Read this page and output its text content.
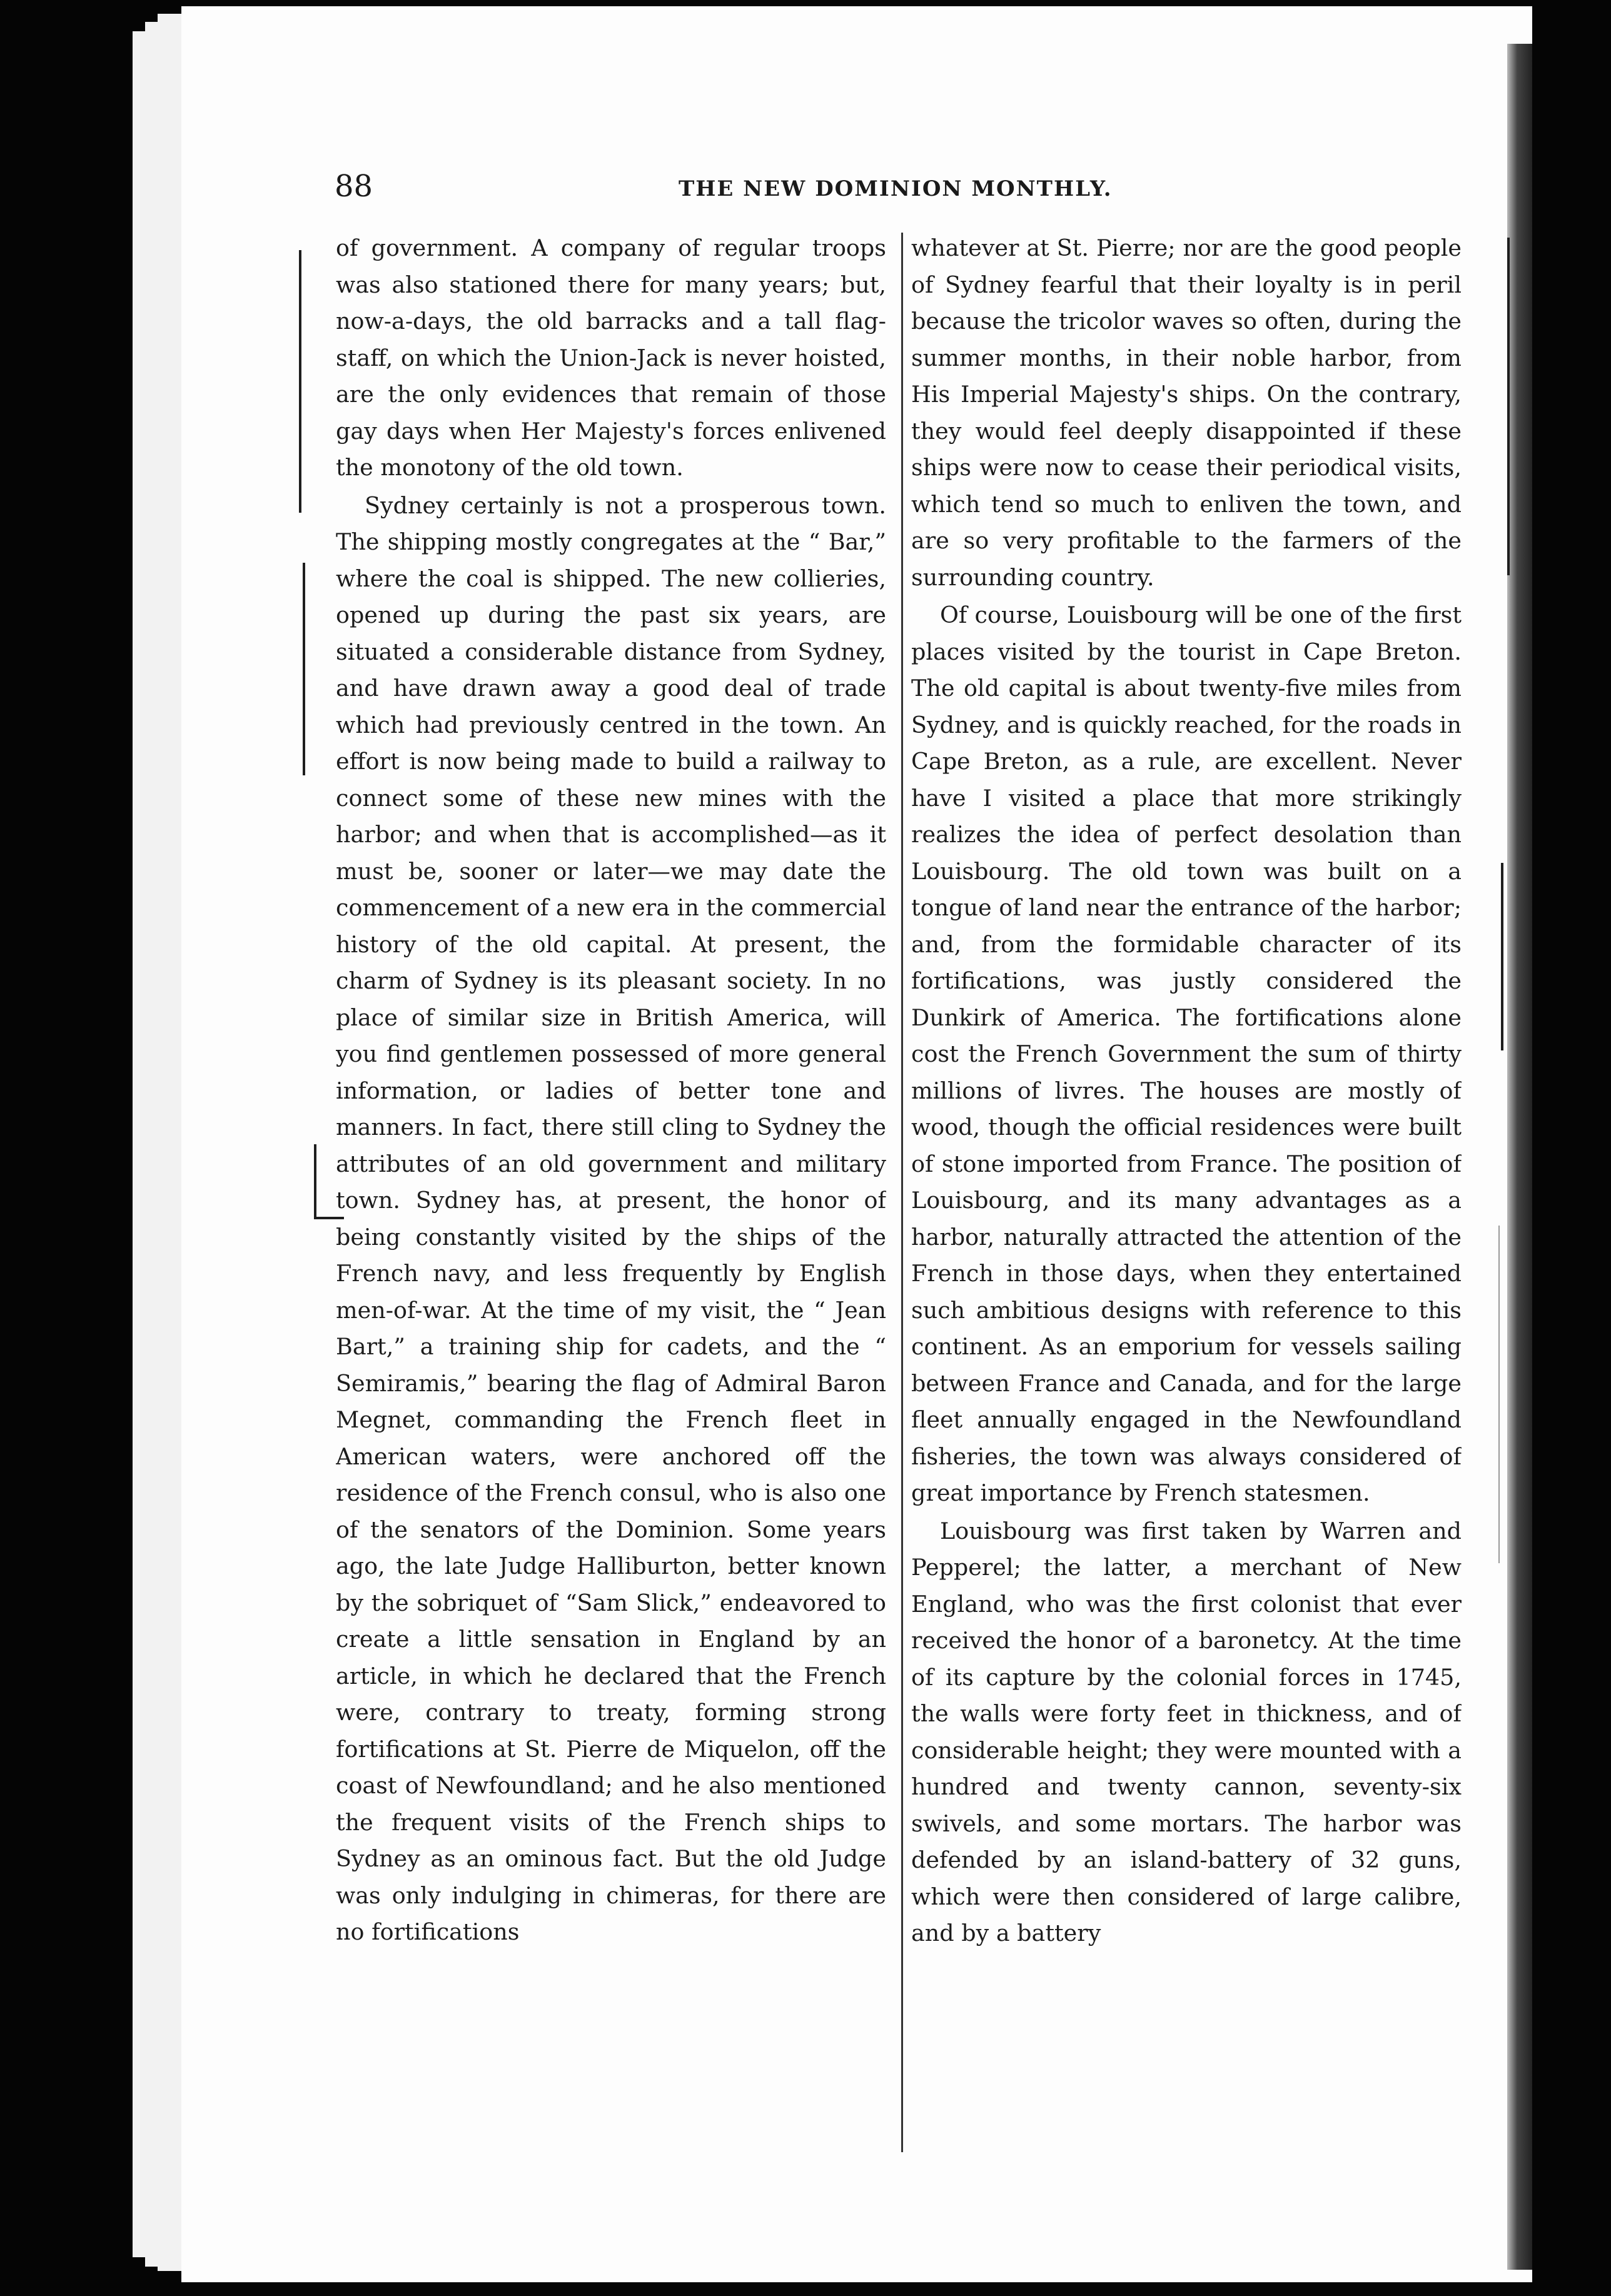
88	THE NEW DOMINION MONTHLY.

of government. A company of regular troops was also stationed there for many years; but, now-a-days, the old barracks and a tall flag-staff, on which the Union-Jack is never hoisted, are the only evidences that remain of those gay days when Her Majesty's forces enlivened the monotony of the old town.

Sydney certainly is not a prosperous town. The shipping mostly congregates at the “ Bar,” where the coal is shipped. The new collieries, opened up during the past six years, are situated a considerable distance from Sydney, and have drawn away a good deal of trade which had previously centred in the town. An effort is now being made to build a railway to connect some of these new mines with the harbor; and when that is accomplished—as it must be, sooner or later—we may date the commencement of a new era in the commercial history of the old capital. At present, the charm of Sydney is its pleasant society. In no place of similar size in British America, will you find gentlemen possessed of more general information, or ladies of better tone and manners. In fact, there still cling to Sydney the attributes of an old government and military town. Sydney has, at present, the honor of being constantly visited by the ships of the French navy, and less frequently by English men-of-war. At the time of my visit, the “ Jean Bart,” a training ship for cadets, and the “ Semiramis,” bearing the flag of Admiral Baron Megnet, commanding the French fleet in American waters, were anchored off the residence of the French consul, who is also one of the senators of the Dominion. Some years ago, the late Judge Halliburton, better known by the sobriquet of “Sam Slick,” endeavored to create a little sensation in England by an article, in which he declared that the French were, contrary to treaty, forming strong fortifications at St. Pierre de Miquelon, off the coast of Newfoundland; and he also mentioned the frequent visits of the French ships to Sydney as an ominous fact. But the old Judge was only indulging in chimeras, for there are no fortifications

whatever at St. Pierre; nor are the good people of Sydney fearful that their loyalty is in peril because the tricolor waves so often, during the summer months, in their noble harbor, from His Imperial Majesty's ships. On the contrary, they would feel deeply disappointed if these ships were now to cease their periodical visits, which tend so much to enliven the town, and are so very profitable to the farmers of the surrounding country.

Of course, Louisbourg will be one of the first places visited by the tourist in Cape Breton. The old capital is about twenty-five miles from Sydney, and is quickly reached, for the roads in Cape Breton, as a rule, are excellent. Never have I visited a place that more strikingly realizes the idea of perfect desolation than Louisbourg. The old town was built on a tongue of land near the entrance of the harbor; and, from the formidable character of its fortifications, was justly considered the Dunkirk of America. The fortifications alone cost the French Government the sum of thirty millions of livres. The houses are mostly of wood, though the official residences were built of stone imported from France. The position of Louisbourg, and its many advantages as a harbor, naturally attracted the attention of the French in those days, when they entertained such ambitious designs with reference to this continent. As an emporium for vessels sailing between France and Canada, and for the large fleet annually engaged in the Newfoundland fisheries, the town was always considered of great importance by French statesmen.

Louisbourg was first taken by Warren and Pepperel; the latter, a merchant of New England, who was the first colonist that ever received the honor of a baronetcy. At the time of its capture by the colonial forces in 1745, the walls were forty feet in thickness, and of considerable height; they were mounted with a hundred and twenty cannon, seventy-six swivels, and some mortars. The harbor was defended by an island-battery of 32 guns, which were then considered of large calibre, and by a battery
